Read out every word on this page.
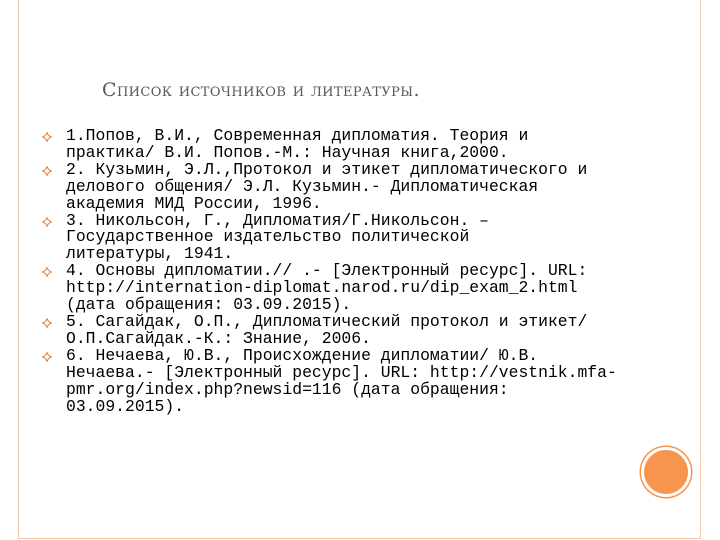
Список источников и литературы.
1.Попов, В.И., Современная дипломатия. Теория и
практика/ В.И. Попов.-М.: Научная книга,2000.
2. Кузьмин, Э.Л.,Протокол и этикет дипломатического и
делового общения/ Э.Л. Кузьмин.- Дипломатическая
академия МИД России, 1996.
3. Никольсон, Г., Дипломатия/Г.Никольсон. –
Государственное издательство политической
литературы, 1941.
4. Основы дипломатии.// .- [Электронный ресурс]. URL:
http://internation-diplomat.narod.ru/dip_exam_2.html
(дата обращения: 03.09.2015).
5. Сагайдак, О.П., Дипломатический протокол и этикет/
О.П.Сагайдак.-К.: Знание, 2006.
6. Нечаева, Ю.В., Происхождение дипломатии/ Ю.В.
Нечаева.- [Электронный ресурс]. URL: http://vestnik.mfa-
pmr.org/index.php?newsid=116 (дата обращения:
03.09.2015).
